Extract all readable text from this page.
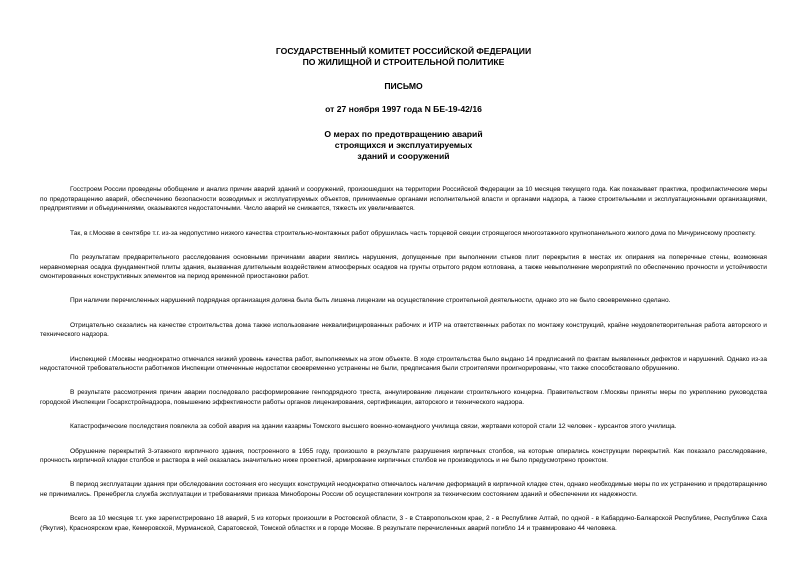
ГОСУДАРСТВЕННЫЙ КОМИТЕТ РОССИЙСКОЙ ФЕДЕРАЦИИ
ПО ЖИЛИЩНОЙ И СТРОИТЕЛЬНОЙ ПОЛИТИКЕ
ПИСЬМО
от 27 ноября 1997 года N БЕ-19-42/16
О мерах по предотвращению аварий
строящихся и эксплуатируемых
зданий и сооружений

Госстроем России проведены обобщение и анализ причин аварий зданий и сооружений, произошедших на территории Российской Федерации за 10 месяцев текущего года. Как показывает практика, профилактические меры по предотвращению аварий, обеспечению безопасности возводимых и эксплуатируемых объектов, принимаемые органами исполнительной власти и органами надзора, а также строительными и эксплуатационными организациями, предприятиями и объединениями, оказываются недостаточными. Число аварий не снижается, тяжесть их увеличивается.

Так, в г.Москве в сентябре т.г. из-за недопустимо низкого качества строительно-монтажных работ обрушилась часть торцевой секции строящегося многоэтажного крупнопанельного жилого дома по Мичуринскому проспекту.

По результатам предварительного расследования основными причинами аварии явились нарушения, допущенные при выполнении стыков плит перекрытия в местах их опирания на поперечные стены, возможная неравномерная осадка фундаментной плиты здания, вызванная длительным воздействием атмосферных осадков на грунты отрытого рядом котлована, а также невыполнение мероприятий по обеспечению прочности и устойчивости смонтированных конструктивных элементов на период временной приостановки работ.

При наличии перечисленных нарушений подрядная организация должна была быть лишена лицензии на осуществление строительной деятельности, однако это не было своевременно сделано.

Отрицательно сказались на качестве строительства дома также использование неквалифицированных рабочих и ИТР на ответственных работах по монтажу конструкций, крайне неудовлетворительная работа авторского и технического надзора.

Инспекцией г.Москвы неоднократно отмечался низкий уровень качества работ, выполняемых на этом объекте. В ходе строительства было выдано 14 предписаний по фактам выявленных дефектов и нарушений. Однако из-за недостаточной требовательности работников Инспекции отмеченные недостатки своевременно устранены не были, предписания были строителями проигнорированы, что также способствовало обрушению.

В результате рассмотрения причин аварии последовало расформирование генподрядного треста, аннулирование лицензии строительного концерна. Правительством г.Москвы приняты меры по укреплению руководства городской Инспекции Госархстройнадзора, повышению эффективности работы органов лицензирования, сертификации, авторского и технического надзора.

Катастрофические последствия повлекла за собой авария на здании казармы Томского высшего военно-командного училища связи, жертвами которой стали 12 человек - курсантов этого училища.

Обрушение перекрытий 3-этажного кирпичного здания, построенного в 1955 году, произошло в результате разрушения кирпичных столбов, на которые опирались конструкции перекрытий. Как показало расследование, прочность кирпичной кладки столбов и раствора в ней оказалась значительно ниже проектной, армирование кирпичных столбов не производилось и не было предусмотрено проектом.

В период эксплуатации здания при обследовании состояния его несущих конструкций неоднократно отмечалось наличие деформаций в кирпичной кладке стен, однако необходимые меры по их устранению и предотвращению не принимались. Пренебрегла служба эксплуатации и требованиями приказа Минобороны России об осуществлении контроля за техническим состоянием зданий и обеспечении их надежности.

Всего за 10 месяцев т.г. уже зарегистрировано 18 аварий, 5 из которых произошли в Ростовской области, 3 - в Ставропольском крае, 2 - в Республике Алтай, по одной - в Кабардино-Балкарской Республике, Республике Саха (Якутия), Красноярском крае, Кемеровской, Мурманской, Саратовской, Томской областях и в городе Москве. В результате перечисленных аварий погибло 14 и травмировано 44 человека.
